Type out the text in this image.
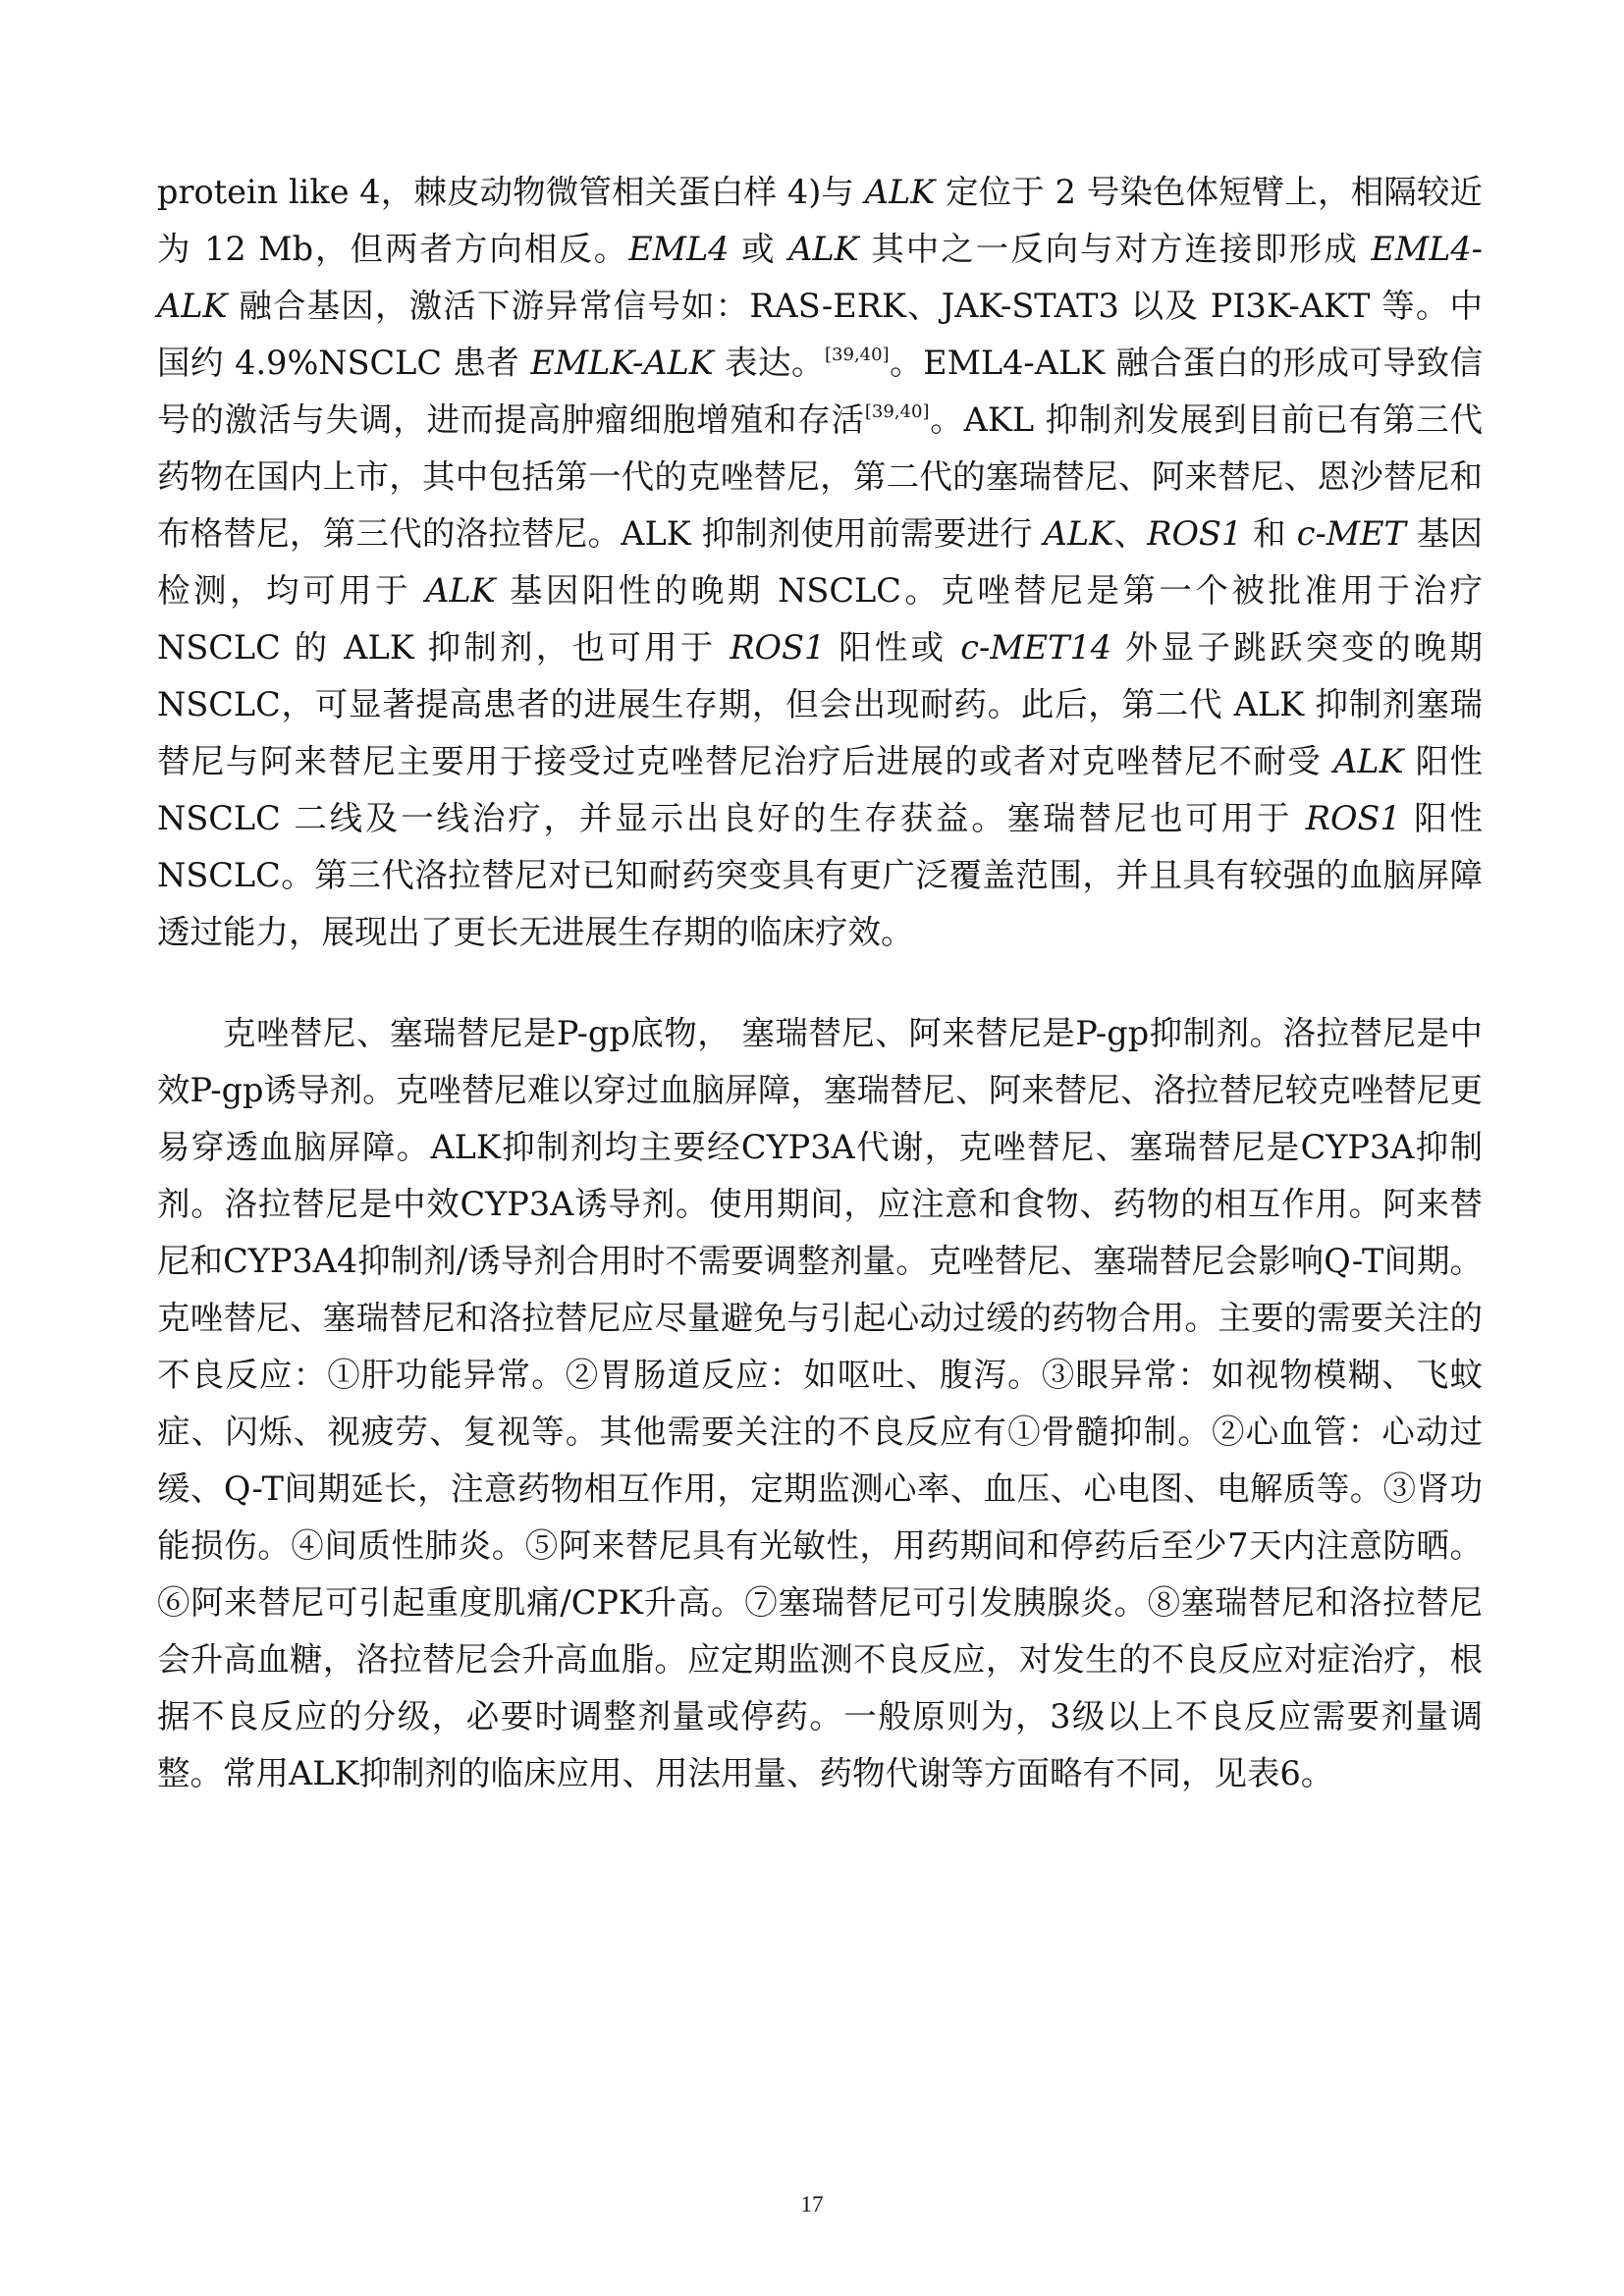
protein like 4，棘皮动物微管相关蛋白样 4)与 ALK 定位于 2 号染色体短臂上，相隔较近为 12 Mb，但两者方向相反。EML4 或 ALK 其中之一反向与对方连接即形成 EML4-ALK 融合基因，激活下游异常信号如：RAS-ERK、JAK-STAT3 以及 PI3K-AKT 等。中国约 4.9%NSCLC 患者 EMLK-ALK 表达。[39,40]。EML4-ALK 融合蛋白的形成可导致信号的激活与失调，进而提高肿瘤细胞增殖和存活[39,40]。AKL 抑制剂发展到目前已有第三代药物在国内上市，其中包括第一代的克唑替尼，第二代的塞瑞替尼、阿来替尼、恩沙替尼和布格替尼，第三代的洛拉替尼。ALK 抑制剂使用前需要进行 ALK、ROS1 和 c-MET 基因检测，均可用于 ALK 基因阳性的晚期 NSCLC。克唑替尼是第一个被批准用于治疗 NSCLC 的 ALK 抑制剂，也可用于 ROS1 阳性或 c-MET14 外显子跳跃突变的晚期 NSCLC，可显著提高患者的进展生存期，但会出现耐药。此后，第二代 ALK 抑制剂塞瑞替尼与阿来替尼主要用于接受过克唑替尼治疗后进展的或者对克唑替尼不耐受 ALK 阳性 NSCLC 二线及一线治疗，并显示出良好的生存获益。塞瑞替尼也可用于 ROS1 阳性 NSCLC。第三代洛拉替尼对已知耐药突变具有更广泛覆盖范围，并且具有较强的血脑屏障透过能力，展现出了更长无进展生存期的临床疗效。

克唑替尼、塞瑞替尼是P-gp底物， 塞瑞替尼、阿来替尼是P-gp抑制剂。洛拉替尼是中效P-gp诱导剂。克唑替尼难以穿过血脑屏障，塞瑞替尼、阿来替尼、洛拉替尼较克唑替尼更易穿透血脑屏障。ALK抑制剂均主要经CYP3A代谢，克唑替尼、塞瑞替尼是CYP3A抑制剂。洛拉替尼是中效CYP3A诱导剂。使用期间，应注意和食物、药物的相互作用。阿来替尼和CYP3A4抑制剂/诱导剂合用时不需要调整剂量。克唑替尼、塞瑞替尼会影响Q-T间期。克唑替尼、塞瑞替尼和洛拉替尼应尽量避免与引起心动过缓的药物合用。主要的需要关注的不良反应：①肝功能异常。②胃肠道反应：如呕吐、腹泻。③眼异常：如视物模糊、飞蚊症、闪烁、视疲劳、复视等。其他需要关注的不良反应有①骨髓抑制。②心血管：心动过缓、Q-T间期延长，注意药物相互作用，定期监测心率、血压、心电图、电解质等。③肾功能损伤。④间质性肺炎。⑤阿来替尼具有光敏性，用药期间和停药后至少7天内注意防晒。⑥阿来替尼可引起重度肌痛/CPK升高。⑦塞瑞替尼可引发胰腺炎。⑧塞瑞替尼和洛拉替尼会升高血糖，洛拉替尼会升高血脂。应定期监测不良反应，对发生的不良反应对症治疗，根据不良反应的分级，必要时调整剂量或停药。一般原则为，3级以上不良反应需要剂量调整。常用ALK抑制剂的临床应用、用法用量、药物代谢等方面略有不同，见表6。

17
